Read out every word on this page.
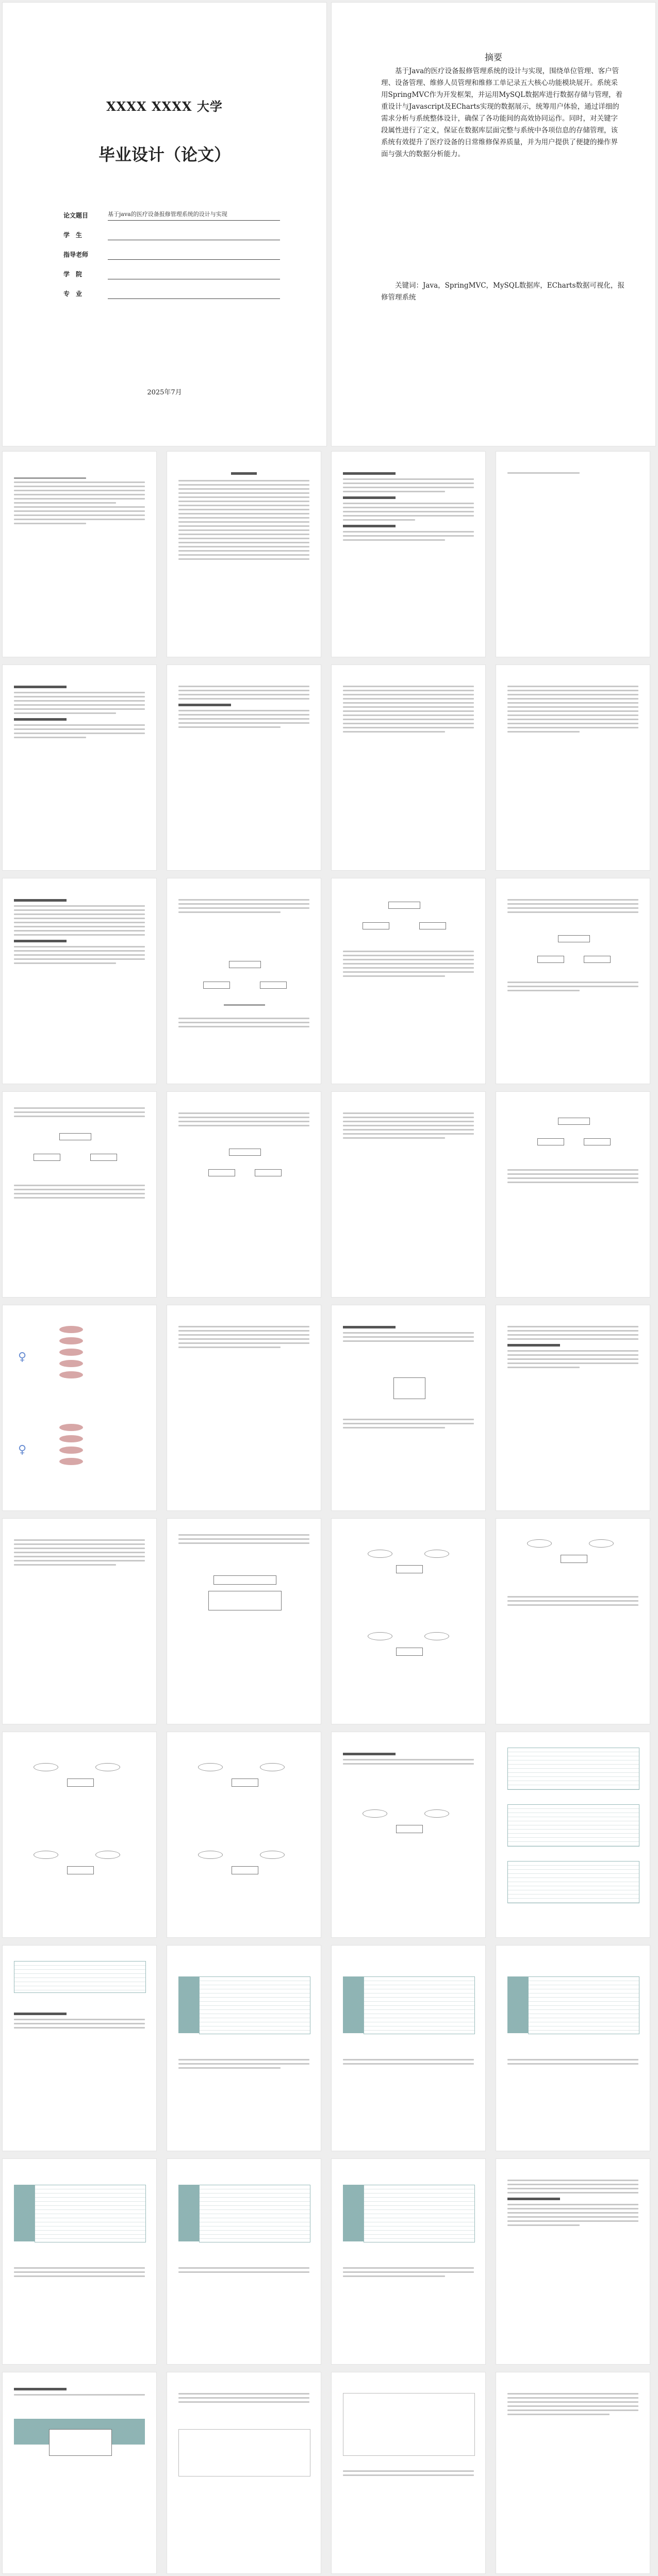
XXXX XXXX 大学
毕业设计（论文）
论文题目	基于java的医疗设备报修管理系统的设计与实现
学　生
指导老师
学　院
专　业
2025年7月
摘要
基于Java的医疗设备报修管理系统的设计与实现，围绕单位管理、客户管理、设备管理、维修人员管理和维修工单记录五大核心功能模块展开。系统采用SpringMVC作为开发框架，并运用MySQL数据库进行数据存储与管理，着重设计与Javascript及ECharts实现的数据展示，统筹用户体验，通过详细的需求分析与系统整体设计，确保了各功能间的高效协同运作。同时，对关键字段属性进行了定义，保证在数据库层面完整与系统中各项信息的存储管理，该系统有效提升了医疗设备的日常维修保养质量，并为用户提供了便捷的操作界面与强大的数据分析能力。
关键词：Java，SpringMVC，MySQL数据库，ECharts数据可视化，报修管理系统
♀
♀
